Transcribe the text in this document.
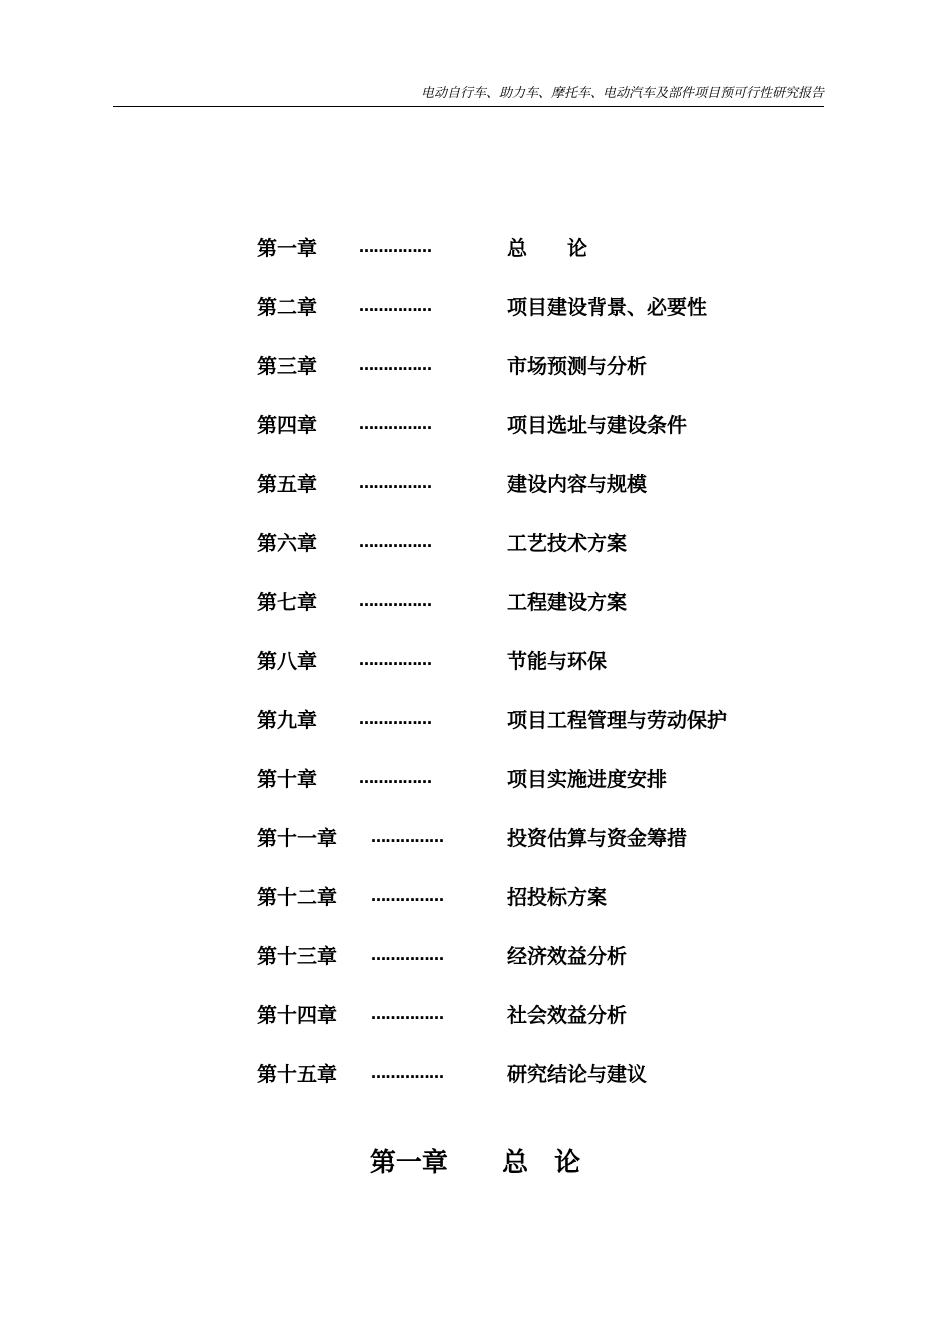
电动自行车、助力车、摩托车、电动汽车及部件项目预可行性研究报告
第一章	……………	总　　论
第二章	……………	项目建设背景、必要性
第三章	……………	市场预测与分析
第四章	……………	项目选址与建设条件
第五章	……………	建设内容与规模
第六章	……………	工艺技术方案
第七章	……………	工程建设方案
第八章	……………	节能与环保
第九章	……………	项目工程管理与劳动保护
第十章	……………	项目实施进度安排
第十一章 ……………	投资估算与资金筹措
第十二章 ……………	招投标方案
第十三章 ……………	经济效益分析
第十四章 ……………	社会效益分析
第十五章 ……………	研究结论与建议
第一章 总　论
